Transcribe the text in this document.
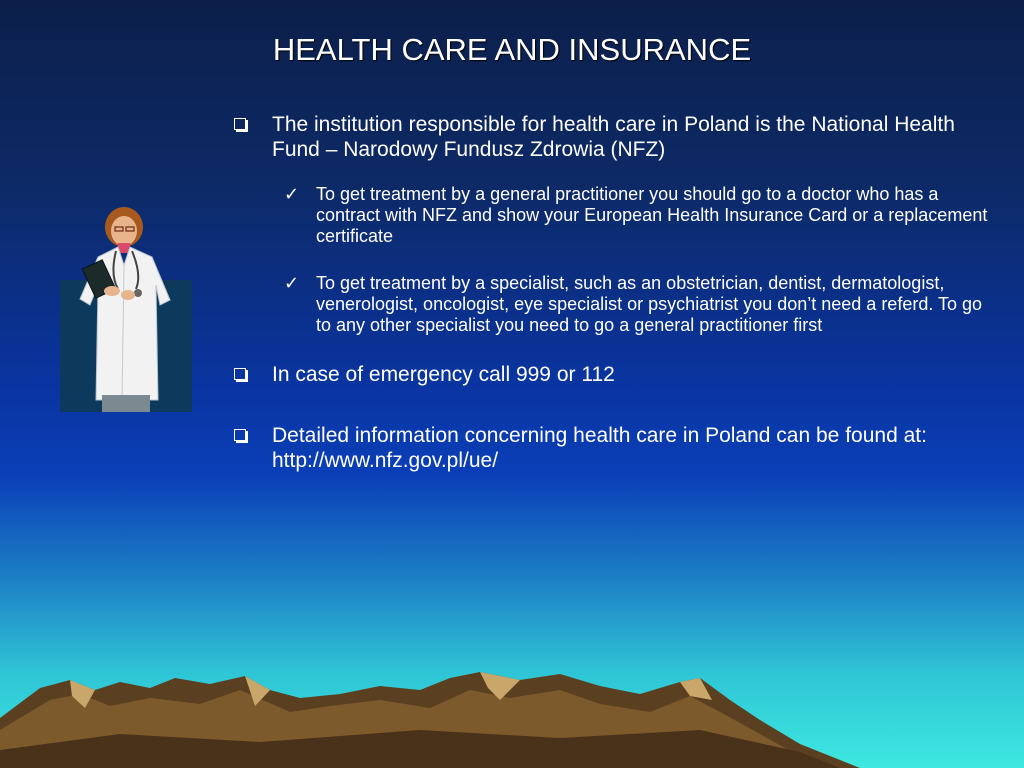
HEALTH CARE AND INSURANCE
The institution responsible for health care in Poland is the National Health Fund – Narodowy Fundusz Zdrowia (NFZ)
✓ To get treatment by a general practitioner you should go to a doctor who has a contract with NFZ and show your European Health Insurance Card or a replacement certificate
✓ To get treatment by a specialist, such as an obstetrician, dentist, dermatologist, venerologist, oncologist, eye specialist or psychiatrist you don’t need a referd. To go to any other specialist you need to go a general practitioner first
In case of emergency call 999 or 112
Detailed information concerning health care in Poland can be found at: http://www.nfz.gov.pl/ue/
